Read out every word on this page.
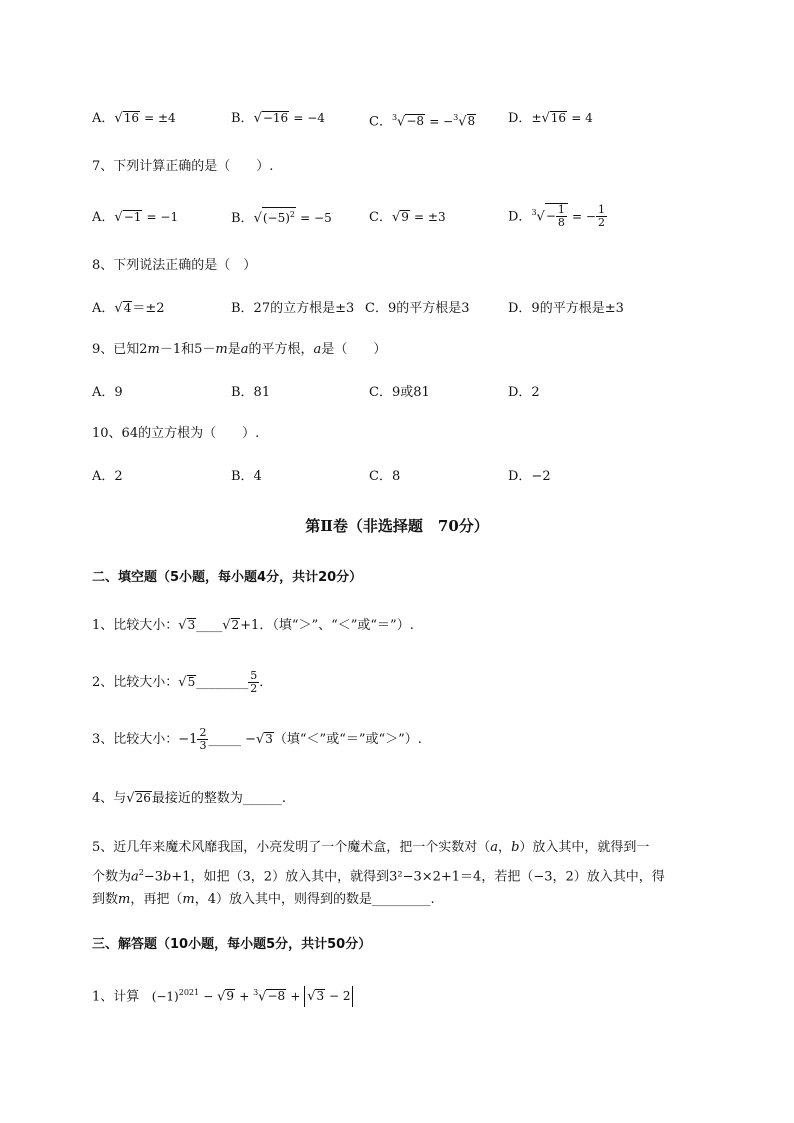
A．√16 = ±4	B．√−16 = −4	C．$^3$√−8 = −$^3$√8	D．±√16 = 4
7、下列计算正确的是（　　）.
A．√−1 = −1	B．$√(-5)^2 = -5$	C．√9 = ±3	D．$^3√- \frac{1}{8}$ = − $\frac{1}{2}$
8、下列说法正确的是（　）
A．√4＝±2	B．27的立方根是±3 C．9的平方根是3	D．9的平方根是±3
9、已知2m－1和5－m是a的平方根，a是（　　）
A．9	B．81	C．9或81	D．2
10、64的立方根为（　　）.
A．2	B．4	C．8	D．−2
第Ⅱ卷（非选择题　70分）
二、填空题（5小题，每小题4分，共计20分）
1、比较大小：√3____√2+1．（填“＞”、“＜”或“＝”）.
2、比较大小：√5________ $\frac{5}{2}$ ．
3、比较大小：$-1 \frac{2}{3}$ _____ −√3（填“＜”或“＝”或“＞”）.
4、与√26最接近的整数为______.
5、近几年来魔术风靡我国，小亮发明了一个魔术盒，把一个实数对（a，b）放入其中，就得到一
个数为$a^2-3b+1$，如把（3，2）放入其中，就得到3²−3×2+1＝4，若把（−3，2）放入其中，得
到数m，再把（m，4）放入其中，则得到的数是_________.
三、解答题（10小题，每小题5分，共计50分）
1、计算 $(-1)^{2021} - √9 + ^3√-8 + √3 - 2$
